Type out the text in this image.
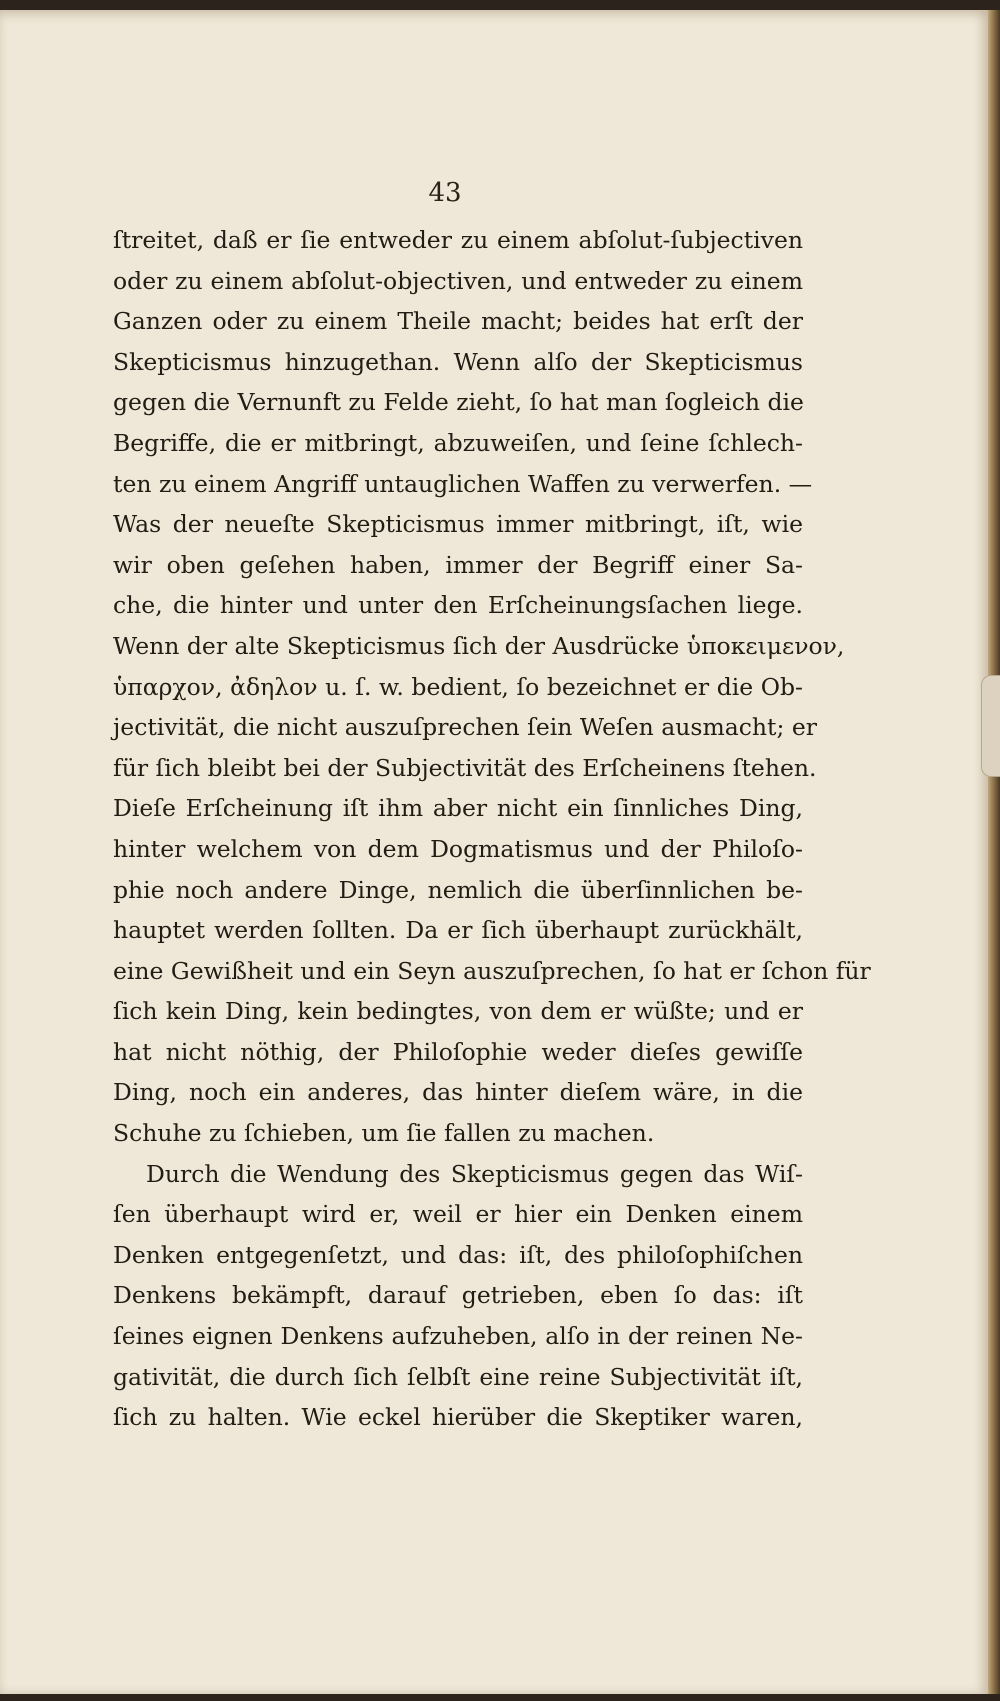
43
ſtreitet, daß er ſie entweder zu einem abſolut-ſubjectiven
oder zu einem abſolut-objectiven, und entweder zu einem
Ganzen oder zu einem Theile macht; beides hat erſt der
Skepticismus hinzugethan. Wenn alſo der Skepticismus
gegen die Vernunft zu Felde zieht, ſo hat man ſogleich die
Begriffe, die er mitbringt, abzuweiſen, und ſeine ſchlech-
ten zu einem Angriff untauglichen Waffen zu verwerfen. —
Was der neueſte Skepticismus immer mitbringt, iſt, wie
wir oben geſehen haben, immer der Begriff einer Sa-
che, die hinter und unter den Erſcheinungsſachen liege.
Wenn der alte Skepticismus ſich der Ausdrücke ὑποκειμενον,
ὑπαρχον, ἀδηλον u. ſ. w. bedient, ſo bezeichnet er die Ob-
jectivität, die nicht auszuſprechen ſein Weſen ausmacht; er
für ſich bleibt bei der Subjectivität des Erſcheinens ſtehen.
Dieſe Erſcheinung iſt ihm aber nicht ein ſinnliches Ding,
hinter welchem von dem Dogmatismus und der Philoſo-
phie noch andere Dinge, nemlich die überſinnlichen be-
hauptet werden ſollten. Da er ſich überhaupt zurückhält,
eine Gewißheit und ein Seyn auszuſprechen, ſo hat er ſchon für
ſich kein Ding, kein bedingtes, von dem er wüßte; und er
hat nicht nöthig, der Philoſophie weder dieſes gewiſſe
Ding, noch ein anderes, das hinter dieſem wäre, in die
Schuhe zu ſchieben, um ſie fallen zu machen.
Durch die Wendung des Skepticismus gegen das Wiſ-
ſen überhaupt wird er, weil er hier ein Denken einem
Denken entgegenſetzt, und das: iſt, des philoſophiſchen
Denkens bekämpft, darauf getrieben, eben ſo das: iſt
ſeines eignen Denkens aufzuheben, alſo in der reinen Ne-
gativität, die durch ſich ſelbſt eine reine Subjectivität iſt,
ſich zu halten. Wie eckel hierüber die Skeptiker waren,
